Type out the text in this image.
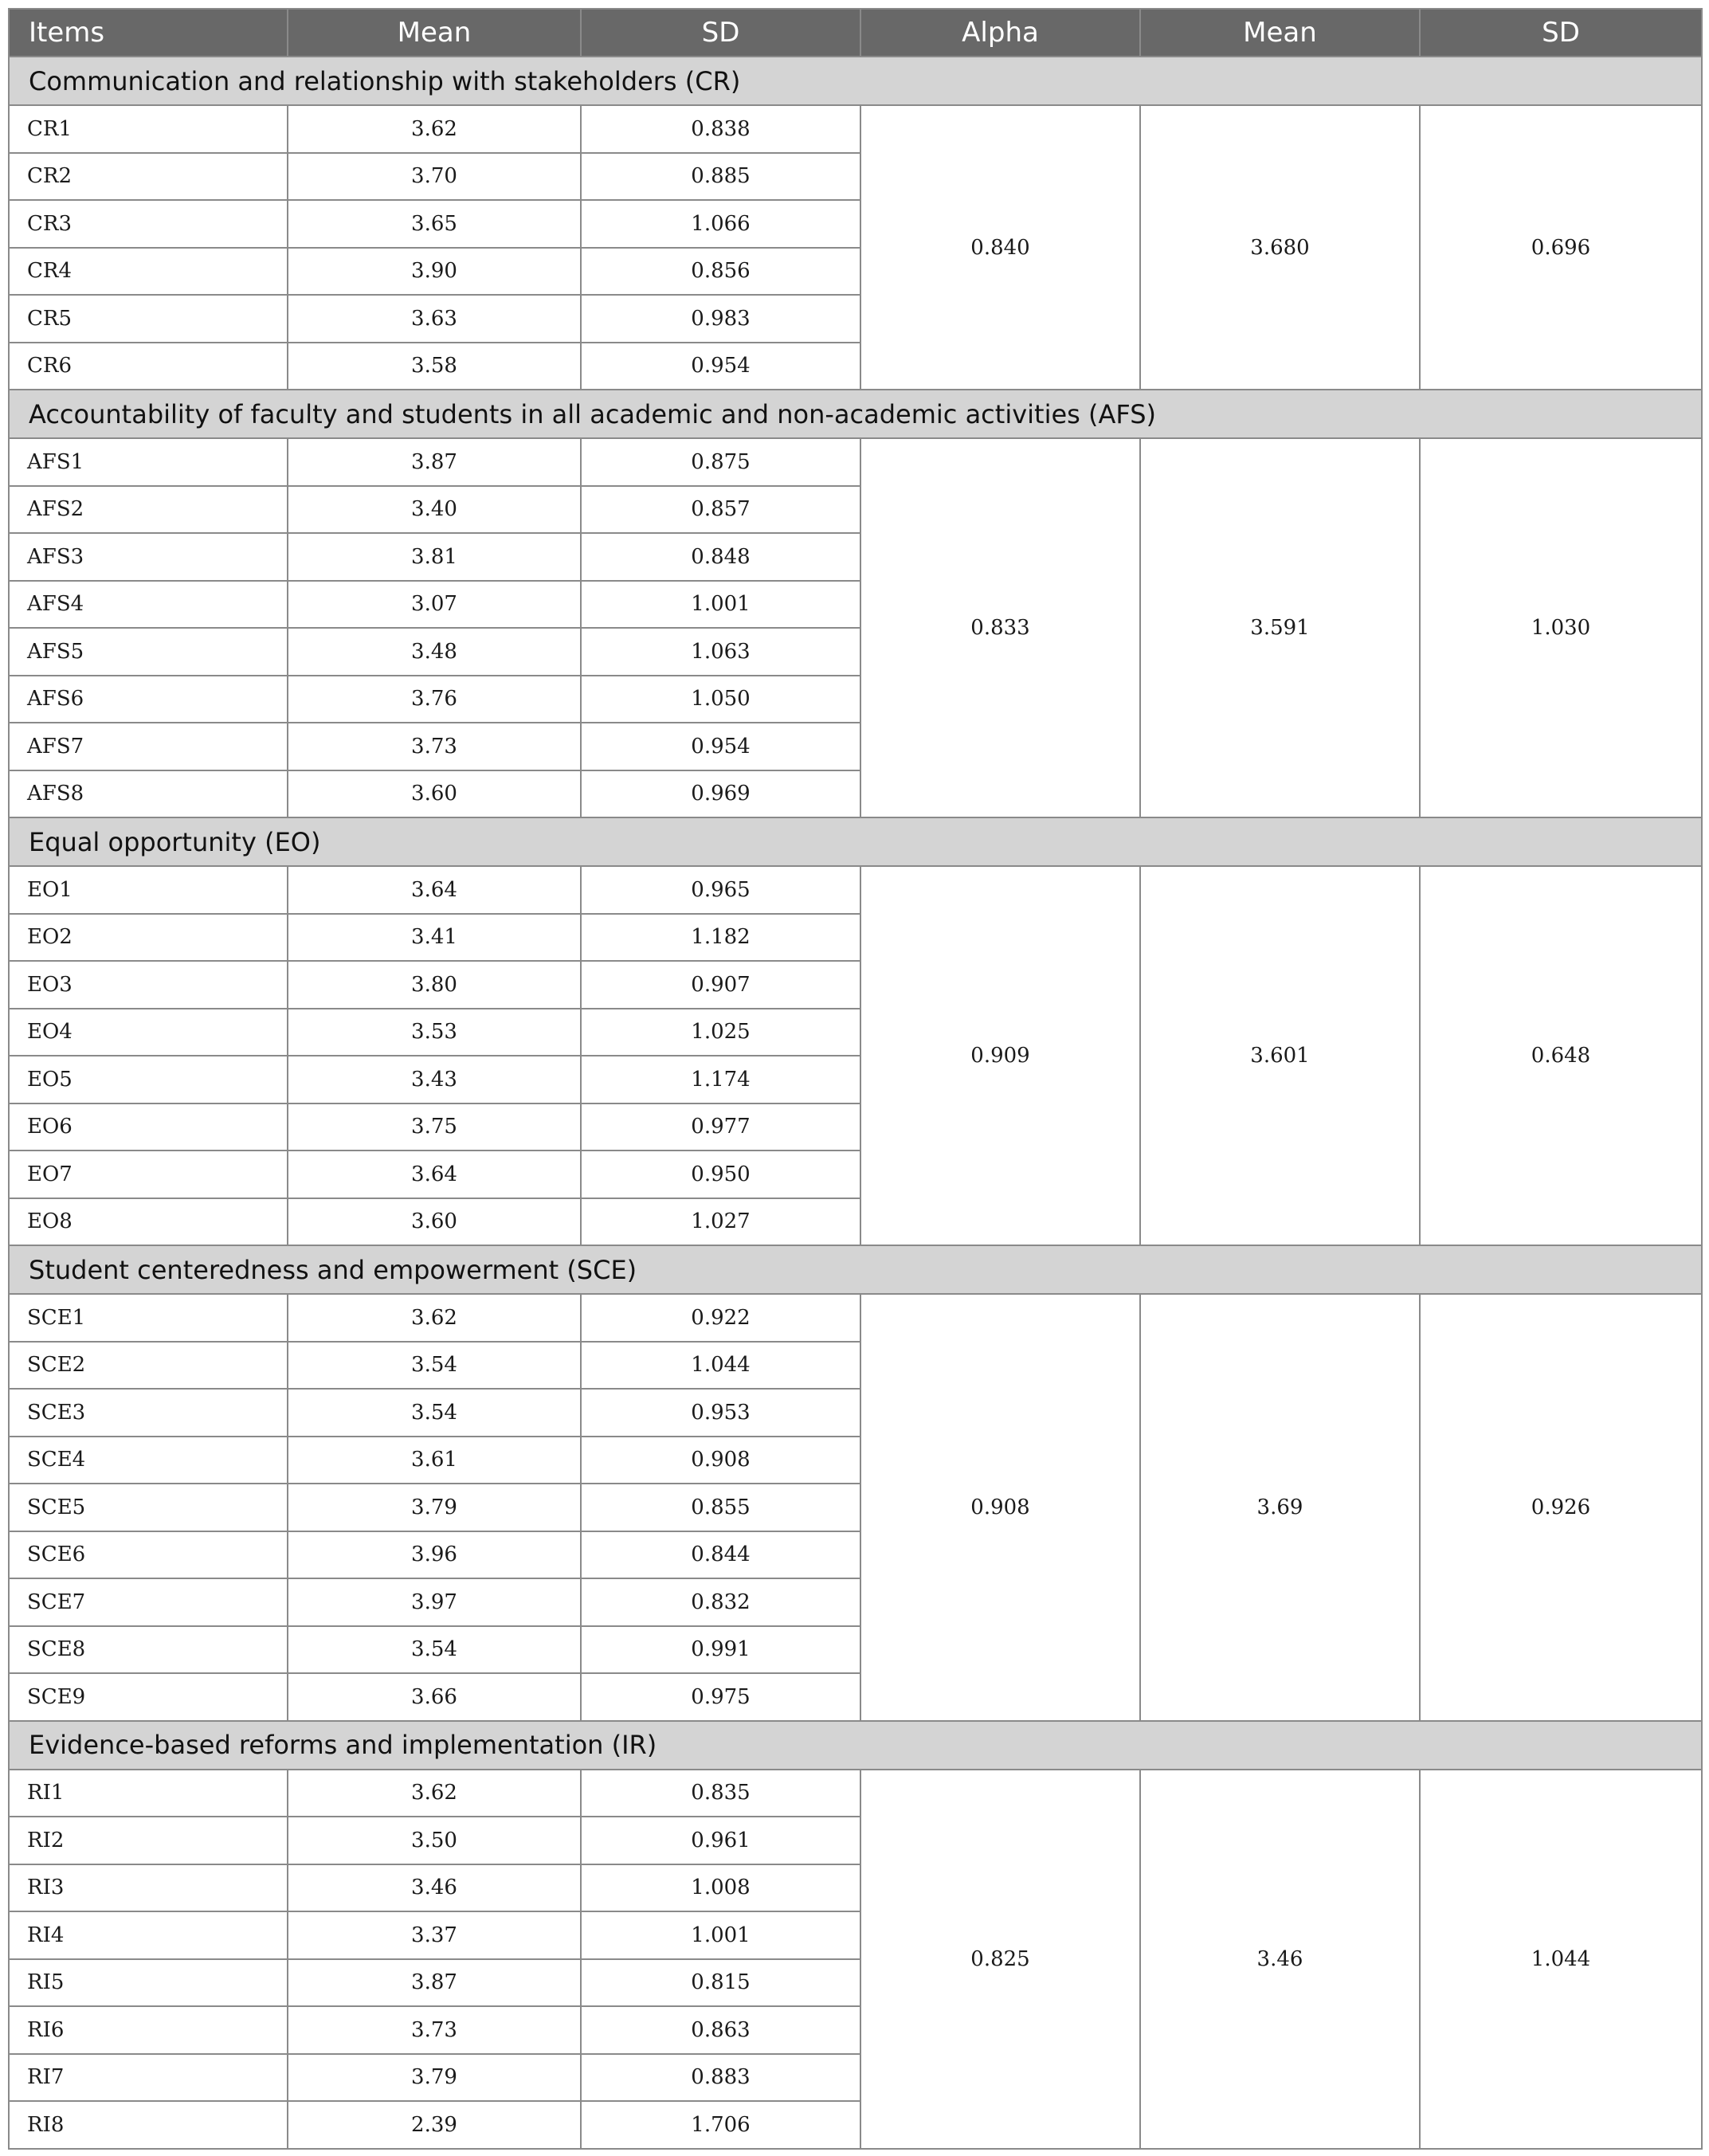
Items	Mean	SD	Alpha	Mean	SD
Communication and relationship with stakeholders (CR)					
CR1	3.62	0.838	0.840	3.680	0.696
CR2	3.70	0.885			
CR3	3.65	1.066			
CR4	3.90	0.856			
CR5	3.63	0.983			
CR6	3.58	0.954			
Accountability of faculty and students in all academic and non-academic activities (AFS)					
AFS1	3.87	0.875	0.833	3.591	1.030
AFS2	3.40	0.857			
AFS3	3.81	0.848			
AFS4	3.07	1.001			
AFS5	3.48	1.063			
AFS6	3.76	1.050			
AFS7	3.73	0.954			
AFS8	3.60	0.969			
Equal opportunity (EO)					
EO1	3.64	0.965	0.909	3.601	0.648
EO2	3.41	1.182			
EO3	3.80	0.907			
EO4	3.53	1.025			
EO5	3.43	1.174			
EO6	3.75	0.977			
EO7	3.64	0.950			
EO8	3.60	1.027			
Student centeredness and empowerment (SCE)					
SCE1	3.62	0.922	0.908	3.69	0.926
SCE2	3.54	1.044			
SCE3	3.54	0.953			
SCE4	3.61	0.908			
SCE5	3.79	0.855			
SCE6	3.96	0.844			
SCE7	3.97	0.832			
SCE8	3.54	0.991			
SCE9	3.66	0.975			
Evidence-based reforms and implementation (IR)					
RI1	3.62	0.835	0.825	3.46	1.044
RI2	3.50	0.961			
RI3	3.46	1.008			
RI4	3.37	1.001			
RI5	3.87	0.815			
RI6	3.73	0.863			
RI7	3.79	0.883			
RI8	2.39	1.706			
